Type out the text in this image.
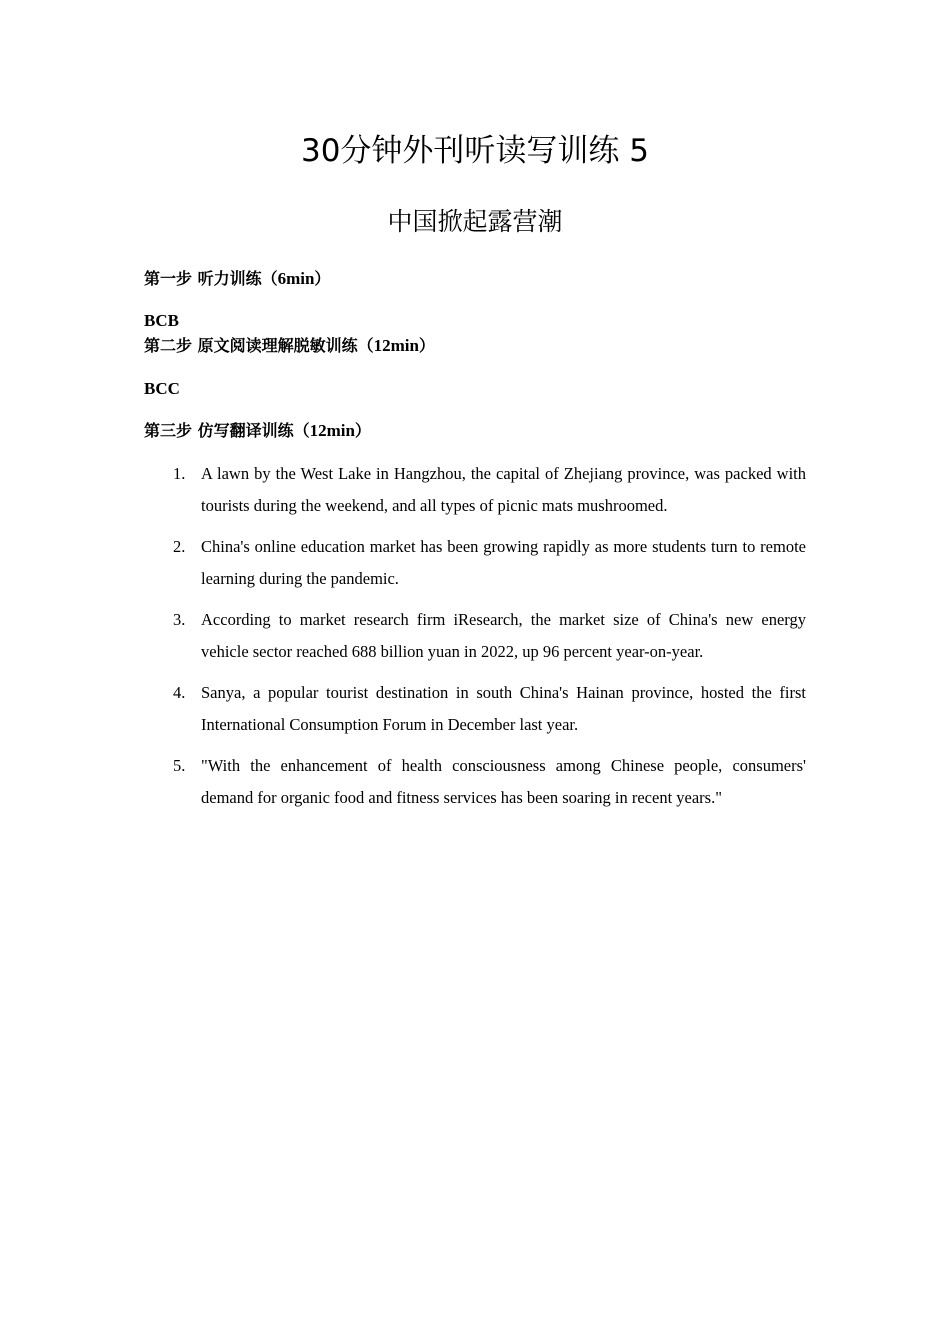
30分钟外刊听读写训练 5
中国掀起露营潮
第一步 听力训练（6min）
BCB
第二步 原文阅读理解脱敏训练（12min）
BCC
第三步 仿写翻译训练（12min）
1. A lawn by the West Lake in Hangzhou, the capital of Zhejiang province, was packed with tourists during the weekend, and all types of picnic mats mushroomed.
2. China's online education market has been growing rapidly as more students turn to remote learning during the pandemic.
3. According to market research firm iResearch, the market size of China's new energy vehicle sector reached 688 billion yuan in 2022, up 96 percent year-on-year.
4. Sanya, a popular tourist destination in south China's Hainan province, hosted the first International Consumption Forum in December last year.
5. "With the enhancement of health consciousness among Chinese people, consumers' demand for organic food and fitness services has been soaring in recent years."
